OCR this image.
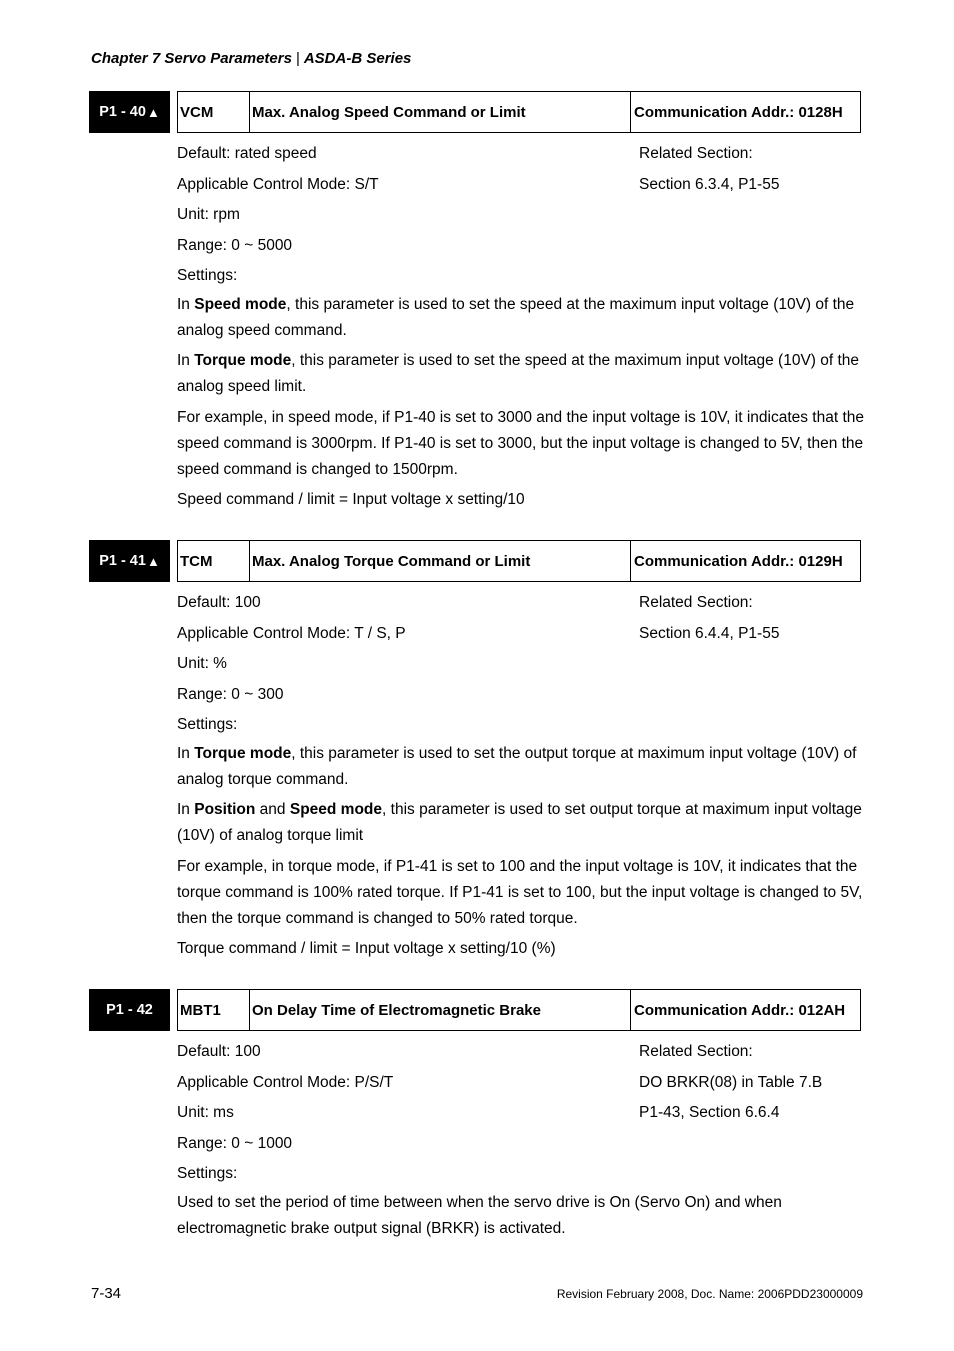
Chapter 7 Servo Parameters | ASDA-B Series
P1 - 40 ▲ VCM	Max. Analog Speed Command or Limit	Communication Addr.: 0128H
Related Section:
Section 6.3.4, P1-55
Default: rated speed
Applicable Control Mode: S/T
Unit: rpm
Range: 0 ~ 5000
Settings:

In Speed mode, this parameter is used to set the speed at the maximum input voltage (10V) of the analog speed command.

In Torque mode, this parameter is used to set the speed at the maximum input voltage (10V) of the analog speed limit.

For example, in speed mode, if P1-40 is set to 3000 and the input voltage is 10V, it indicates that the speed command is 3000rpm. If P1-40 is set to 3000, but the input voltage is changed to 5V, then the speed command is changed to 1500rpm.

Speed command / limit = Input voltage x setting/10

P1 - 41 ▲ TCM	Max. Analog Torque Command or Limit	Communication Addr.: 0129H
Related Section:
Section 6.4.4, P1-55
Default: 100
Applicable Control Mode: T / S, P
Unit: %
Range: 0 ~ 300
Settings:

In Torque mode, this parameter is used to set the output torque at maximum input voltage (10V) of analog torque command.

In Position and Speed mode, this parameter is used to set output torque at maximum input voltage (10V) of analog torque limit

For example, in torque mode, if P1-41 is set to 100 and the input voltage is 10V, it indicates that the torque command is 100% rated torque. If P1-41 is set to 100, but the input voltage is changed to 5V, then the torque command is changed to 50% rated torque.

Torque command / limit = Input voltage x setting/10 (%)

P1 - 42 MBT1	On Delay Time of Electromagnetic Brake	Communication Addr.: 012AH
Related Section:
DO BRKR(08) in Table 7.B
P1-43, Section 6.6.4
Default: 100
Applicable Control Mode: P/S/T
Unit: ms
Range: 0 ~ 1000
Settings:

Used to set the period of time between when the servo drive is On (Servo On) and when electromagnetic brake output signal (BRKR) is activated.

7-34	Revision February 2008, Doc. Name: 2006PDD23000009
